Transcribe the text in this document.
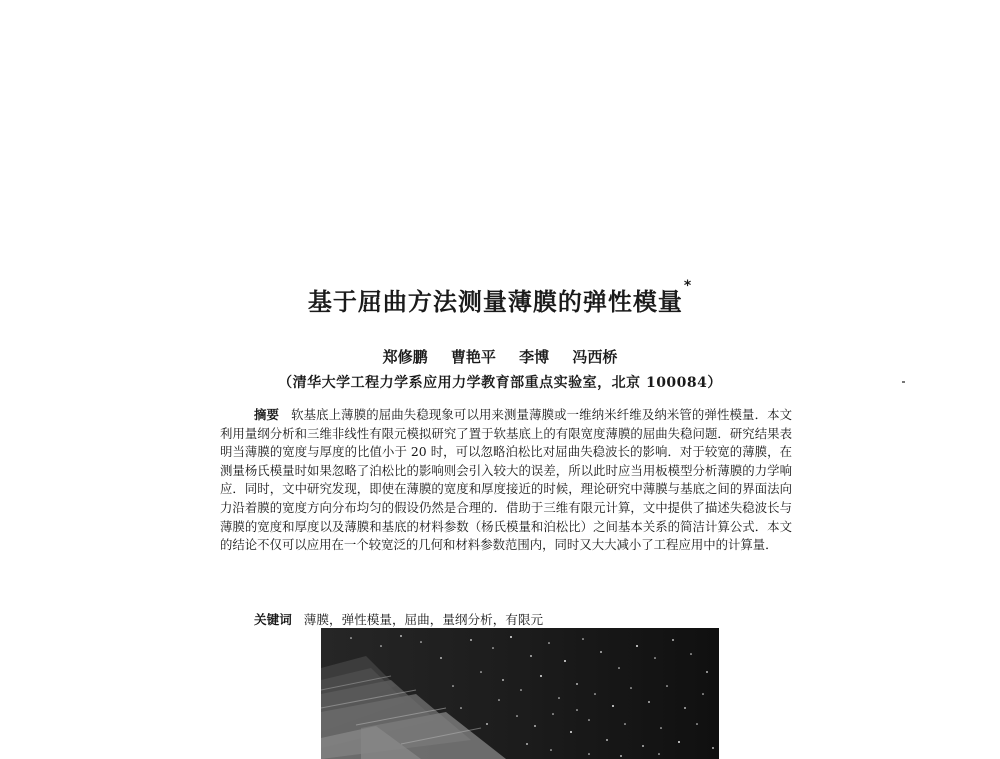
基于屈曲方法测量薄膜的弹性模量*
郑修鹏 曹艳平 李博 冯西桥
（清华大学工程力学系应用力学教育部重点实验室，北京 100084）

摘要 软基底上薄膜的屈曲失稳现象可以用来测量薄膜或一维纳米纤维及纳米管的弹性模量．本文利用量纲分析和三维非线性有限元模拟研究了置于软基底上的有限宽度薄膜的屈曲失稳问题．研究结果表明当薄膜的宽度与厚度的比值小于 20 时，可以忽略泊松比对屈曲失稳波长的影响．对于较宽的薄膜，在测量杨氏模量时如果忽略了泊松比的影响则会引入较大的误差，所以此时应当用板模型分析薄膜的力学响应．同时，文中研究发现，即使在薄膜的宽度和厚度接近的时候，理论研究中薄膜与基底之间的界面法向力沿着膜的宽度方向分布均匀的假设仍然是合理的．借助于三维有限元计算，文中提供了描述失稳波长与薄膜的宽度和厚度以及薄膜和基底的材料参数（杨氏模量和泊松比）之间基本关系的简洁计算公式．本文的结论不仅可以应用在一个较宽泛的几何和材料参数范围内，同时又大大减小了工程应用中的计算量．

关键词 薄膜，弹性模量，屈曲，量纲分析，有限元
